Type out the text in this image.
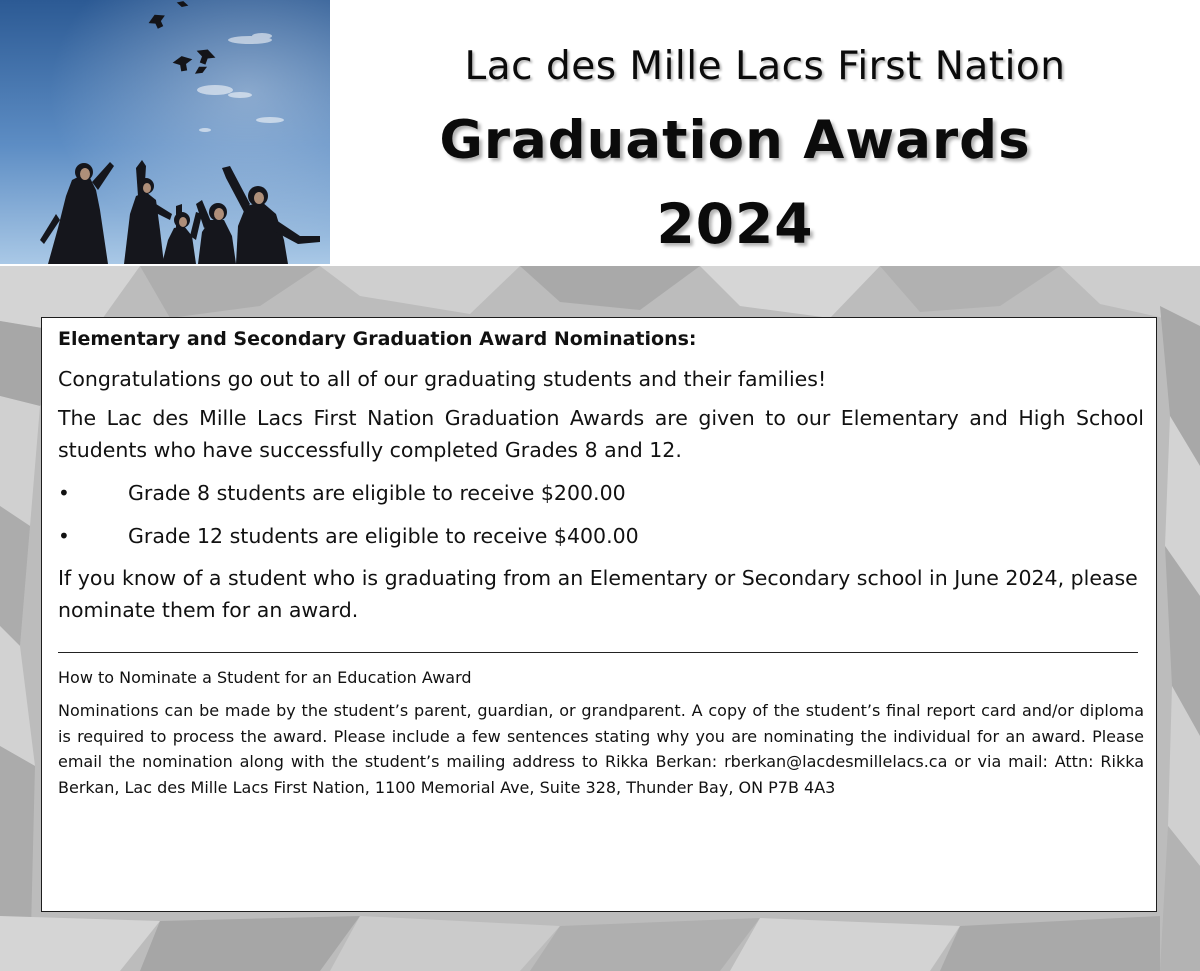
Lac des Mille Lacs First Nation
Graduation Awards
2024

Elementary and Secondary Graduation Award Nominations:

Congratulations go out to all of our graduating students and their families!

The Lac des Mille Lacs First Nation Graduation Awards are given to our Elementary and High School students who have successfully completed Grades 8 and 12.

•	Grade 8 students are eligible to receive $200.00
•	Grade 12 students are eligible to receive $400.00

If you know of a student who is graduating from an Elementary or Secondary school in June 2024, please nominate them for an award.

How to Nominate a Student for an Education Award

Nominations can be made by the student’s parent, guardian, or grandparent. A copy of the student’s final report card and/or diploma is required to process the award. Please include a few sentences stating why you are nominating the individual for an award. Please email the nomination along with the student’s mailing address to Rikka Berkan: rberkan@lacdesmillelacs.ca or via mail: Attn: Rikka Berkan, Lac des Mille Lacs First Nation, 1100 Memorial Ave, Suite 328, Thunder Bay, ON P7B 4A3
